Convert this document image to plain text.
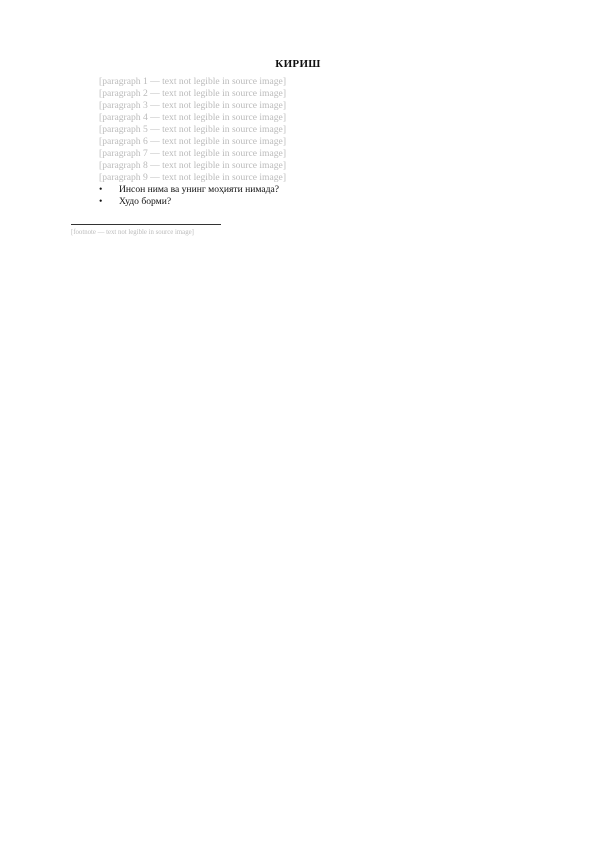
КИРИШ

[paragraph 1 — text not legible in source image]

[paragraph 2 — text not legible in source image]

[paragraph 3 — text not legible in source image]

[paragraph 4 — text not legible in source image]

[paragraph 5 — text not legible in source image]

[paragraph 6 — text not legible in source image]

[paragraph 7 — text not legible in source image]

[paragraph 8 — text not legible in source image]

[paragraph 9 — text not legible in source image]

• Инсон нима ва унинг моҳияти нимада?
• Худо борми?

[footnote — text not legible in source image]
